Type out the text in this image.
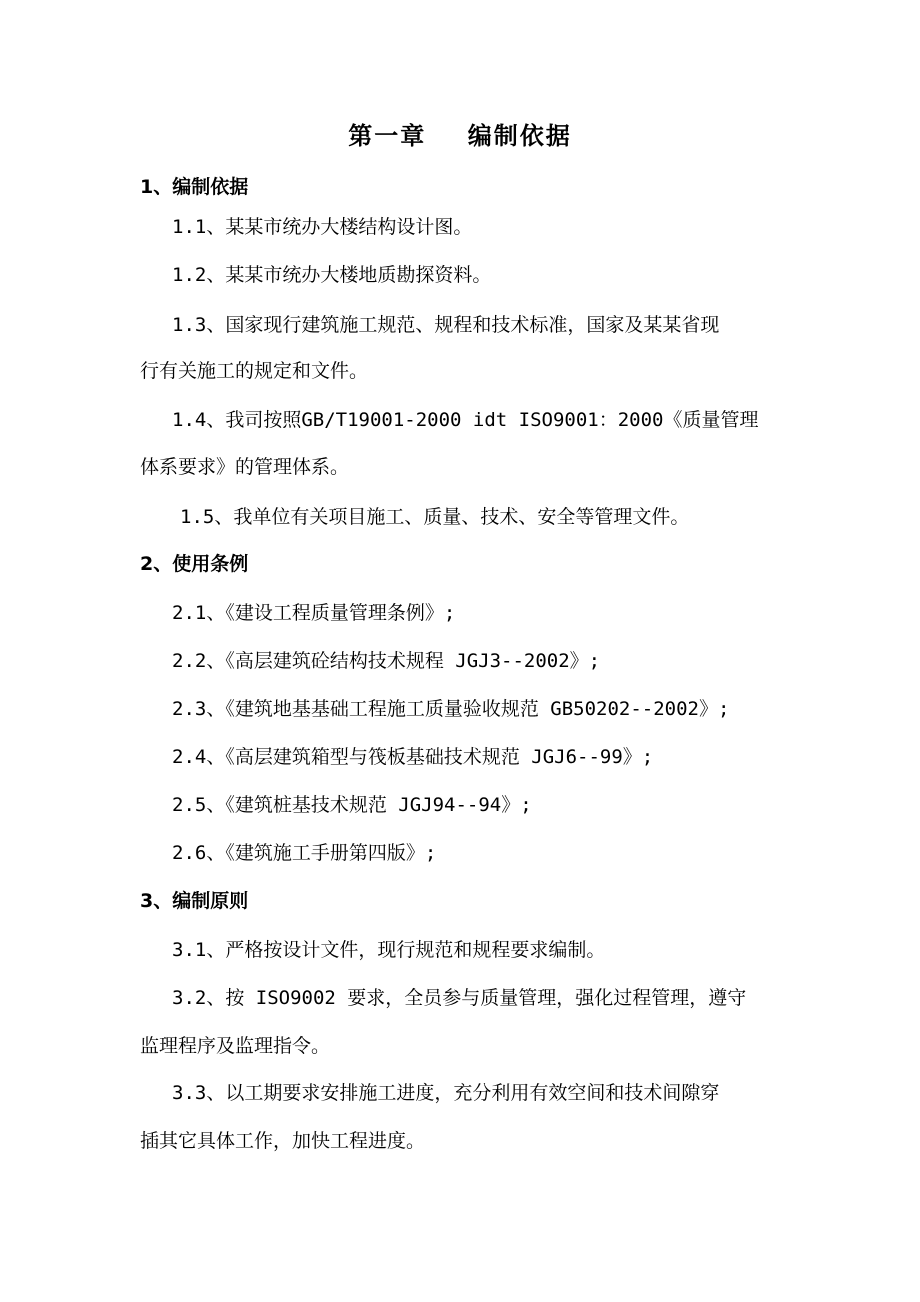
第一章    编制依据
1、编制依据
1.1、某某市统办大楼结构设计图。
1.2、某某市统办大楼地质勘探资料。
1.3、国家现行建筑施工规范、规程和技术标准，国家及某某省现
行有关施工的规定和文件。
1.4、我司按照GB/T19001-2000 idt ISO9001：2000《质量管理
体系要求》的管理体系。
1.5、我单位有关项目施工、质量、技术、安全等管理文件。
2、使用条例
2.1、《建设工程质量管理条例》;
2.2、《高层建筑砼结构技术规程 JGJ3--2002》;
2.3、《建筑地基基础工程施工质量验收规范 GB50202--2002》;
2.4、《高层建筑箱型与筏板基础技术规范 JGJ6--99》;
2.5、《建筑桩基技术规范 JGJ94--94》;
2.6、《建筑施工手册第四版》;
3、编制原则
3.1、严格按设计文件，现行规范和规程要求编制。
3.2、按 ISO9002 要求，全员参与质量管理，强化过程管理，遵守
监理程序及监理指令。
3.3、以工期要求安排施工进度，充分利用有效空间和技术间隙穿
插其它具体工作，加快工程进度。
